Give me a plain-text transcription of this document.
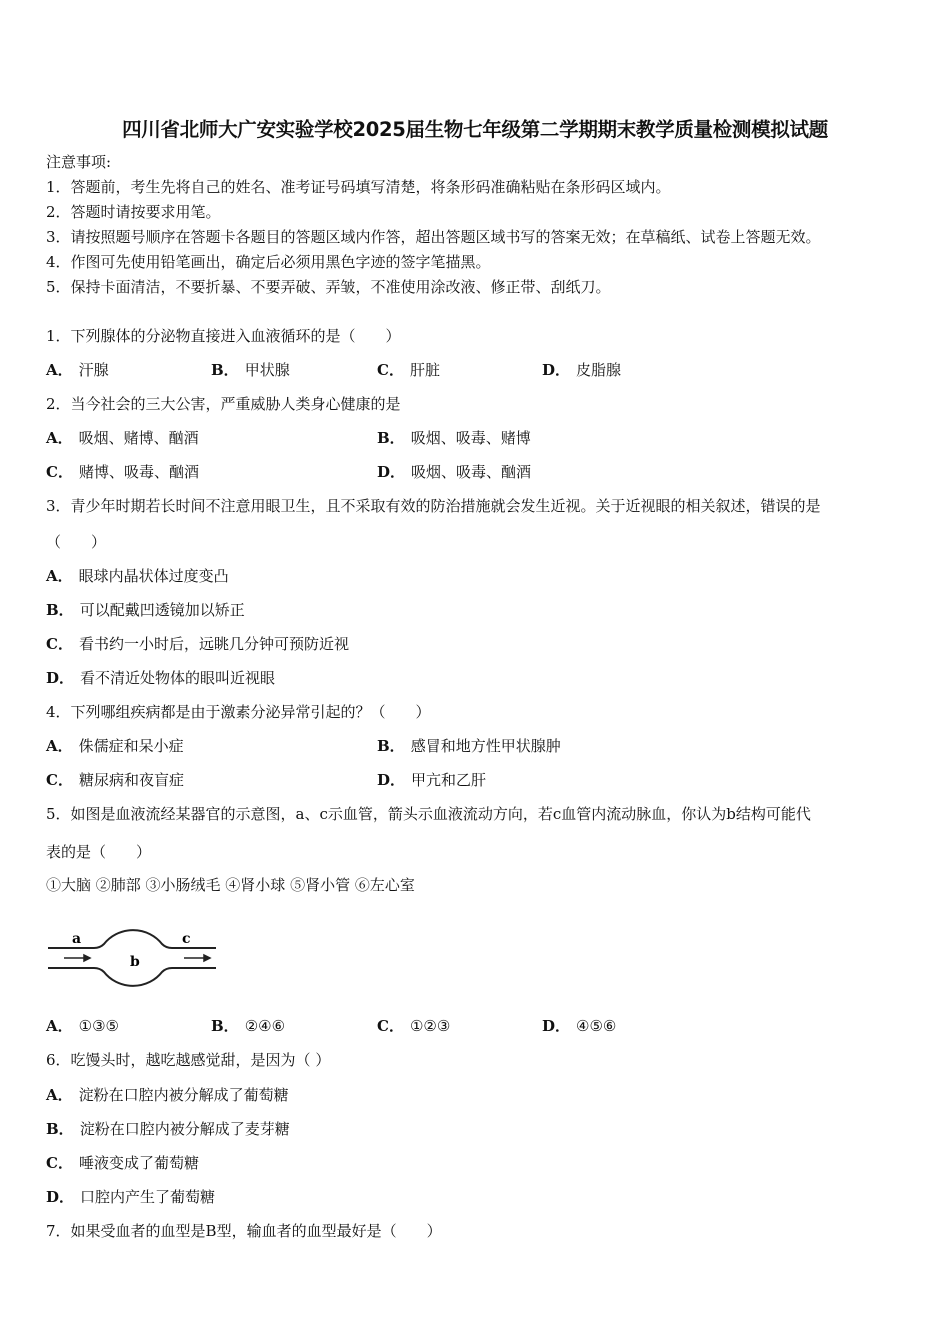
四川省北师大广安实验学校2025届生物七年级第二学期期末教学质量检测模拟试题
注意事项:
1．答题前，考生先将自己的姓名、准考证号码填写清楚，将条形码准确粘贴在条形码区域内。
2．答题时请按要求用笔。
3．请按照题号顺序在答题卡各题目的答题区域内作答，超出答题区域书写的答案无效；在草稿纸、试卷上答题无效。
4．作图可先使用铅笔画出，确定后必须用黑色字迹的签字笔描黑。
5．保持卡面清洁，不要折暴、不要弄破、弄皱，不准使用涂改液、修正带、刮纸刀。
1．下列腺体的分泌物直接进入血液循环的是（　　）
A． 汗腺	B． 甲状腺	C． 肝脏	D． 皮脂腺
2．当今社会的三大公害，严重威胁人类身心健康的是
A． 吸烟、赌博、酗酒	B． 吸烟、吸毒、赌博
C． 赌博、吸毒、酗酒	D． 吸烟、吸毒、酗酒
3．青少年时期若长时间不注意用眼卫生，且不采取有效的防治措施就会发生近视。关于近视眼的相关叙述，错误的是
（　　）
A． 眼球内晶状体过度变凸
B． 可以配戴凹透镜加以矫正
C． 看书约一小时后，远眺几分钟可预防近视
D． 看不清近处物体的眼叫近视眼
4．下列哪组疾病都是由于激素分泌异常引起的？（　　）
A． 侏儒症和呆小症	B． 感冒和地方性甲状腺肿
C． 糖尿病和夜盲症	D． 甲亢和乙肝
5．如图是血液流经某器官的示意图，a、c示血管，箭头示血液流动方向，若c血管内流动脉血，你认为b结构可能代
表的是（　　）
①大脑 ②肺部 ③小肠绒毛 ④肾小球 ⑤肾小管 ⑥左心室
a
b
c
A． ①③⑤	B． ②④⑥	C． ①②③	D． ④⑤⑥
6．吃馒头时，越吃越感觉甜，是因为（ ）
A． 淀粉在口腔内被分解成了葡萄糖
B． 淀粉在口腔内被分解成了麦芽糖
C． 唾液变成了葡萄糖
D． 口腔内产生了葡萄糖
7．如果受血者的血型是B型，输血者的血型最好是（　　）
